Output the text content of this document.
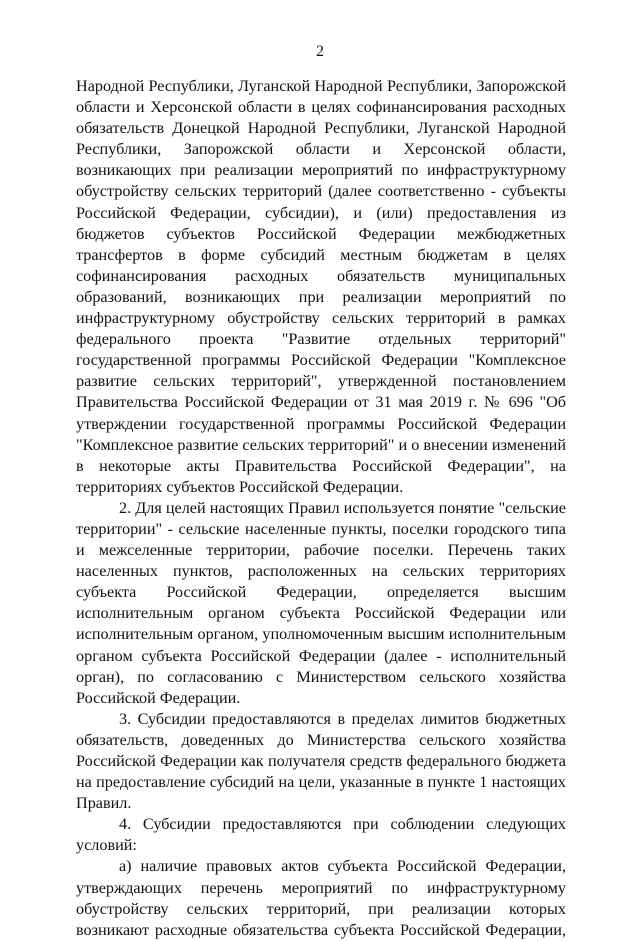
2

Народной Республики, Луганской Народной Республики, Запорожской области и Херсонской области в целях софинансирования расходных обязательств Донецкой Народной Республики, Луганской Народной Республики, Запорожской области и Херсонской области, возникающих при реализации мероприятий по инфраструктурному обустройству сельских территорий (далее соответственно - субъекты Российской Федерации, субсидии), и (или) предоставления из бюджетов субъектов Российской Федерации межбюджетных трансфертов в форме субсидий местным бюджетам в целях софинансирования расходных обязательств муниципальных образований, возникающих при реализации мероприятий по инфраструктурному обустройству сельских территорий в рамках федерального проекта "Развитие отдельных территорий" государственной программы Российской Федерации "Комплексное развитие сельских территорий", утвержденной постановлением Правительства Российской Федерации от 31 мая 2019 г. № 696 "Об утверждении государственной программы Российской Федерации "Комплексное развитие сельских территорий" и о внесении изменений в некоторые акты Правительства Российской Федерации", на территориях субъектов Российской Федерации.

2. Для целей настоящих Правил используется понятие "сельские территории" - сельские населенные пункты, поселки городского типа и межселенные территории, рабочие поселки. Перечень таких населенных пунктов, расположенных на сельских территориях субъекта Российской Федерации, определяется высшим исполнительным органом субъекта Российской Федерации или исполнительным органом, уполномоченным высшим исполнительным органом субъекта Российской Федерации (далее - исполнительный орган), по согласованию с Министерством сельского хозяйства Российской Федерации.

3. Субсидии предоставляются в пределах лимитов бюджетных обязательств, доведенных до Министерства сельского хозяйства Российской Федерации как получателя средств федерального бюджета на предоставление субсидий на цели, указанные в пункте 1 настоящих Правил.

4. Субсидии предоставляются при соблюдении следующих условий:

а) наличие правовых актов субъекта Российской Федерации, утверждающих перечень мероприятий по инфраструктурному обустройству сельских территорий, при реализации которых возникают расходные обязательства субъекта Российской Федерации,
